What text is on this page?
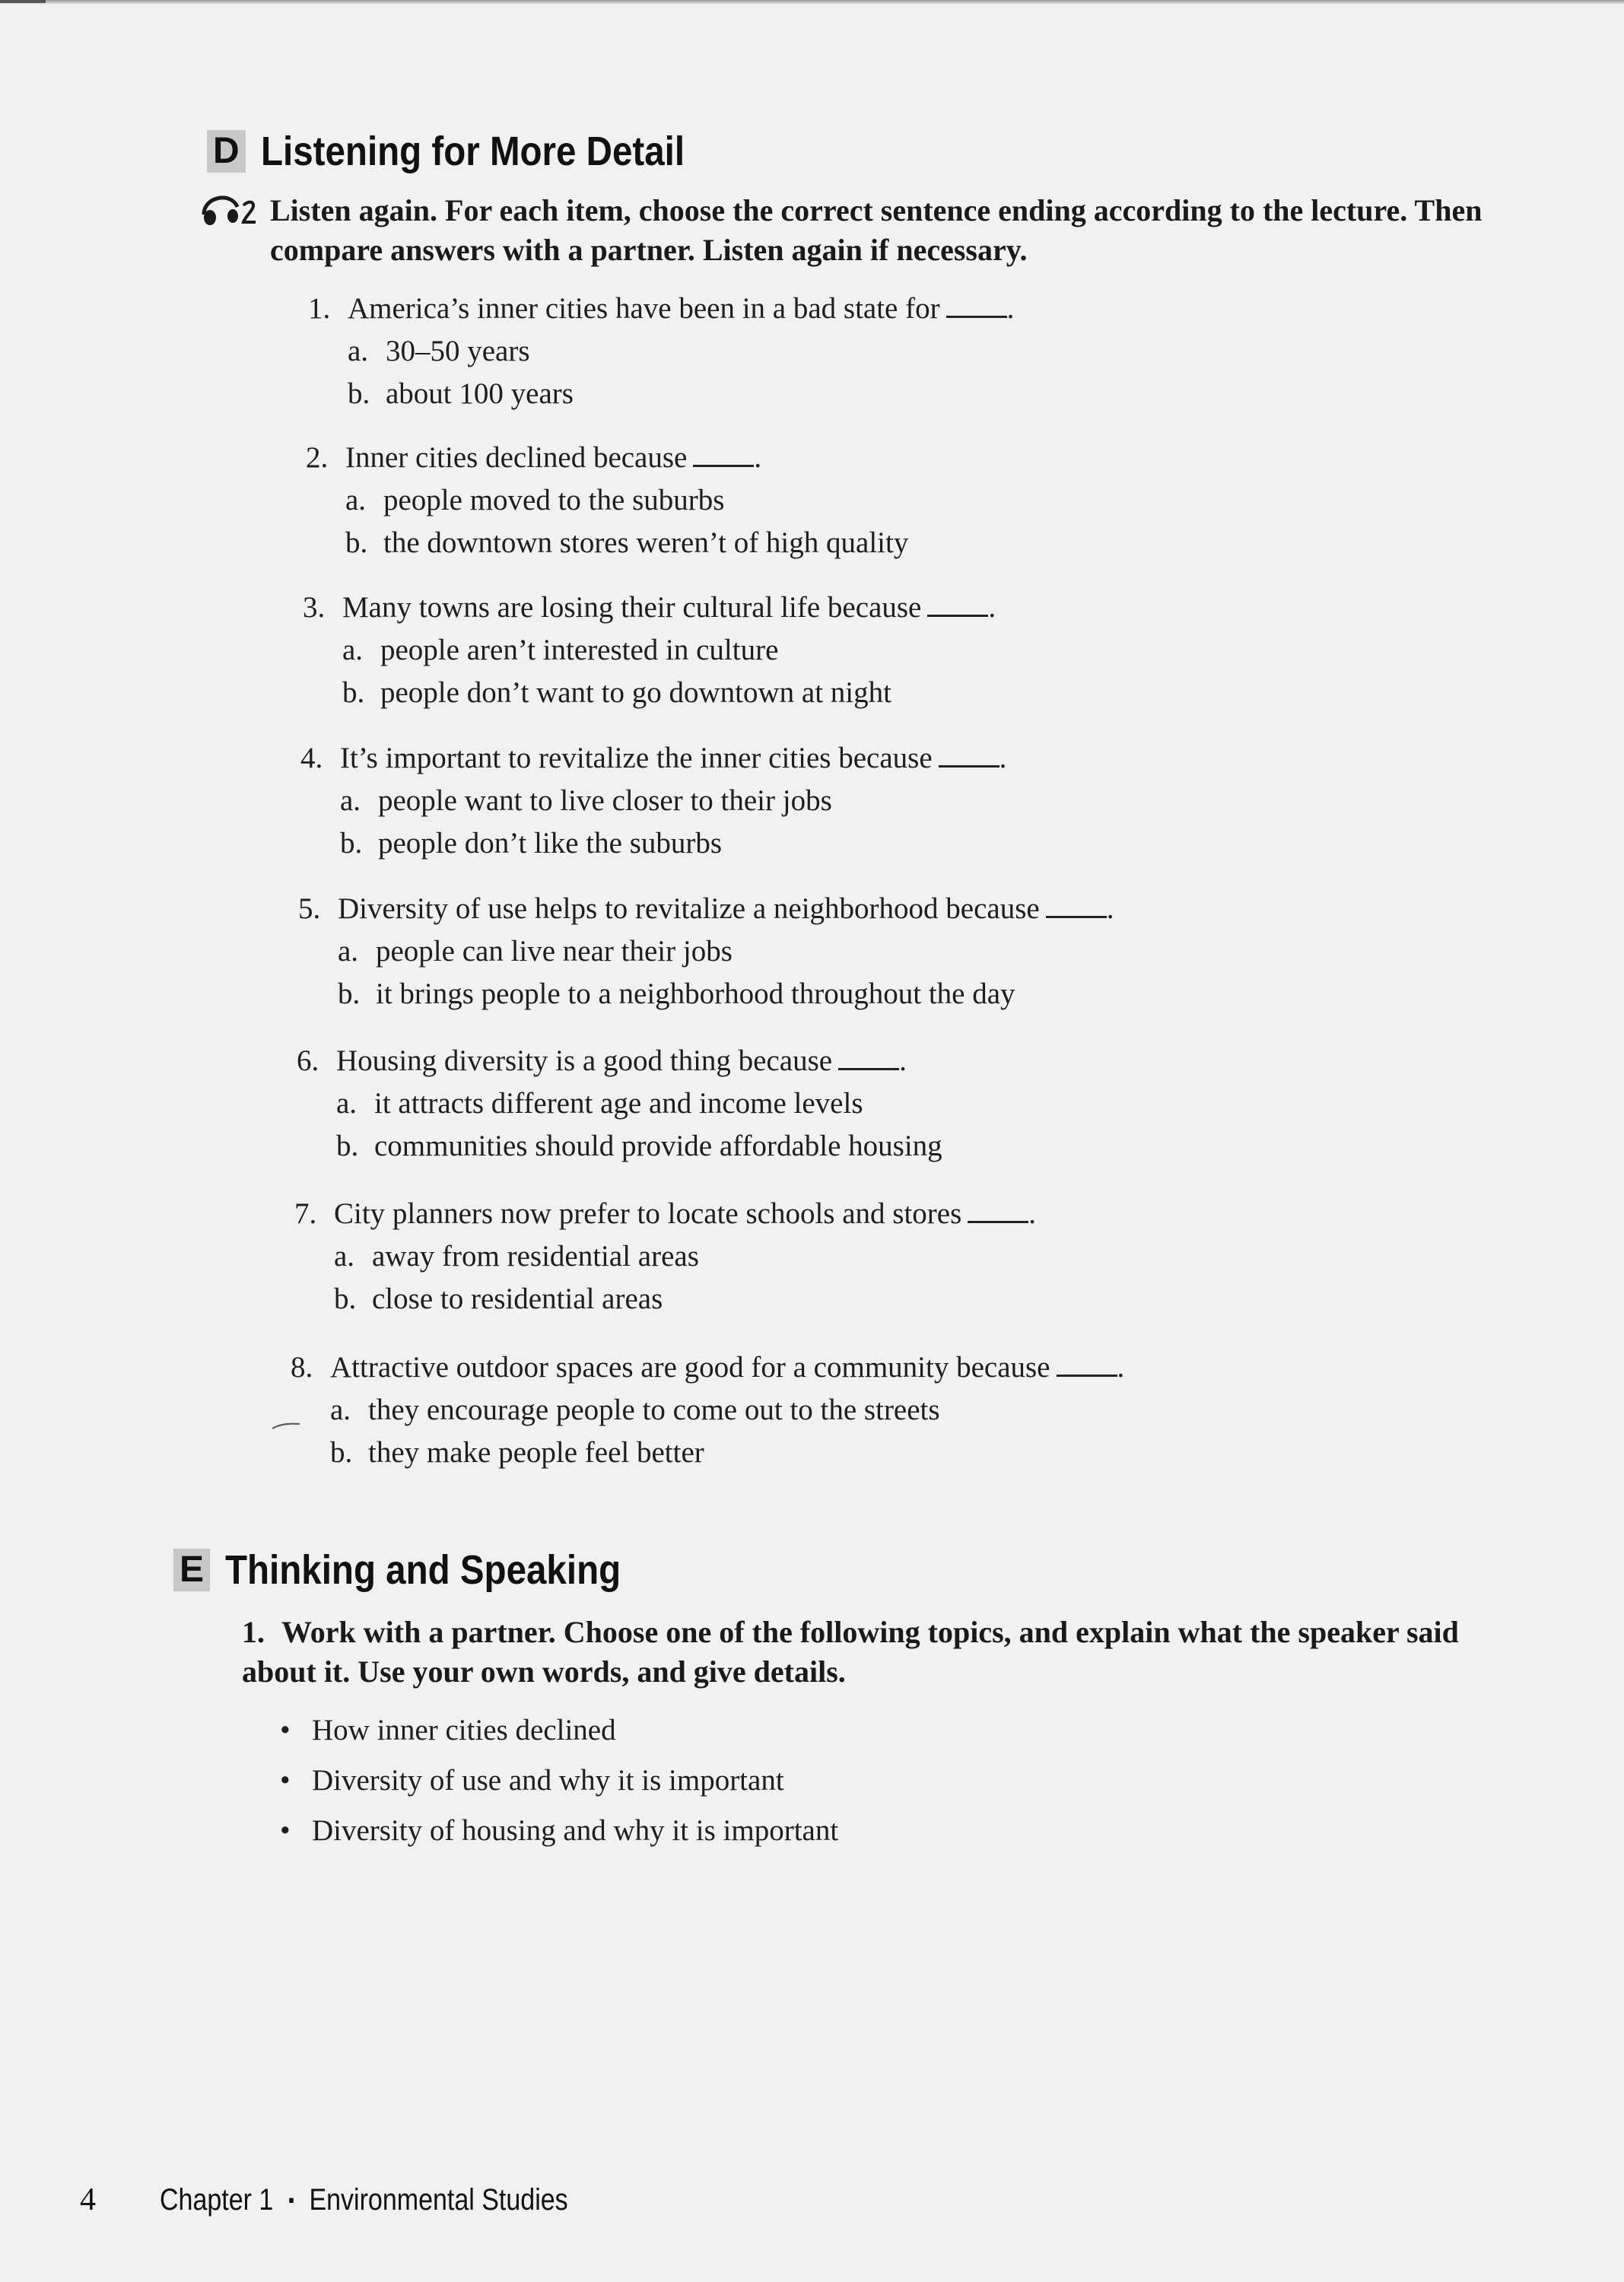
D Listening for More Detail
Listen again. For each item, choose the correct sentence ending according to the lecture. Then compare answers with a partner. Listen again if necessary.
1. America’s inner cities have been in a bad state for .
a. 30–50 years
b. about 100 years
2. Inner cities declined because .
a. people moved to the suburbs
b. the downtown stores weren’t of high quality
3. Many towns are losing their cultural life because .
a. people aren’t interested in culture
b. people don’t want to go downtown at night
4. It’s important to revitalize the inner cities because .
a. people want to live closer to their jobs
b. people don’t like the suburbs
5. Diversity of use helps to revitalize a neighborhood because .
a. people can live near their jobs
b. it brings people to a neighborhood throughout the day
6. Housing diversity is a good thing because .
a. it attracts different age and income levels
b. communities should provide affordable housing
7. City planners now prefer to locate schools and stores .
a. away from residential areas
b. close to residential areas
8. Attractive outdoor spaces are good for a community because .
a. they encourage people to come out to the streets
b. they make people feel better
E Thinking and Speaking
1. Work with a partner. Choose one of the following topics, and explain what the speaker said about it. Use your own words, and give details.
• How inner cities declined
• Diversity of use and why it is important
• Diversity of housing and why it is important
4	Chapter 1 ▪ Environmental Studies
